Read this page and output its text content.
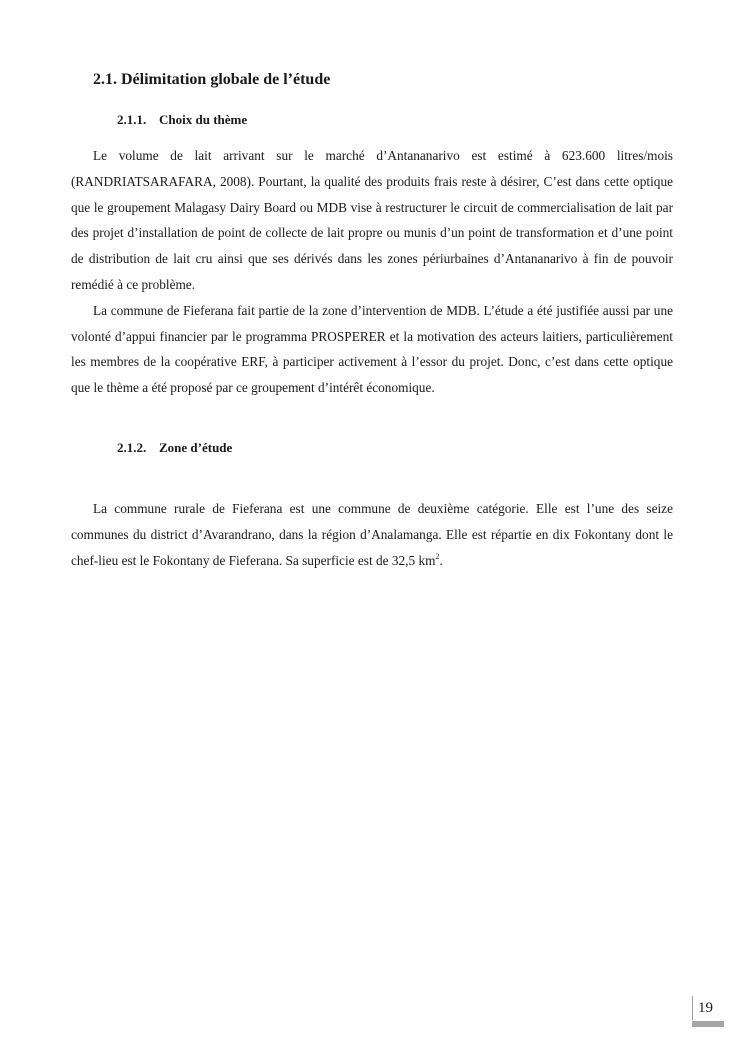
2.1. Délimitation globale de l’étude
2.1.1. Choix du thème

Le volume de lait arrivant sur le marché d’Antananarivo est estimé à 623.600 litres/mois (RANDRIATSARAFARA, 2008). Pourtant, la qualité des produits frais reste à désirer, C’est dans cette optique que le groupement Malagasy Dairy Board ou MDB vise à restructurer le circuit de commercialisation de lait par des projet d’installation de point de collecte de lait propre ou munis d’un point de transformation et d’une point de distribution de lait cru ainsi que ses dérivés dans les zones périurbaines d’Antananarivo à fin de pouvoir remédié à ce problème.

La commune de Fieferana fait partie de la zone d’intervention de MDB. L’étude a été justifiée aussi par une volonté d’appui financier par le programma PROSPERER et la motivation des acteurs laitiers, particulièrement les membres de la coopérative ERF, à participer activement à l’essor du projet. Donc, c’est dans cette optique que le thème a été proposé par ce groupement d’intérêt économique.

2.1.2. Zone d’étude

La commune rurale de Fieferana est une commune de deuxième catégorie. Elle est l’une des seize communes du district d’Avarandrano, dans la région d’Analamanga. Elle est répartie en dix Fokontany dont le chef-lieu est le Fokontany de Fieferana. Sa superficie est de 32,5 $km^2$.

19
